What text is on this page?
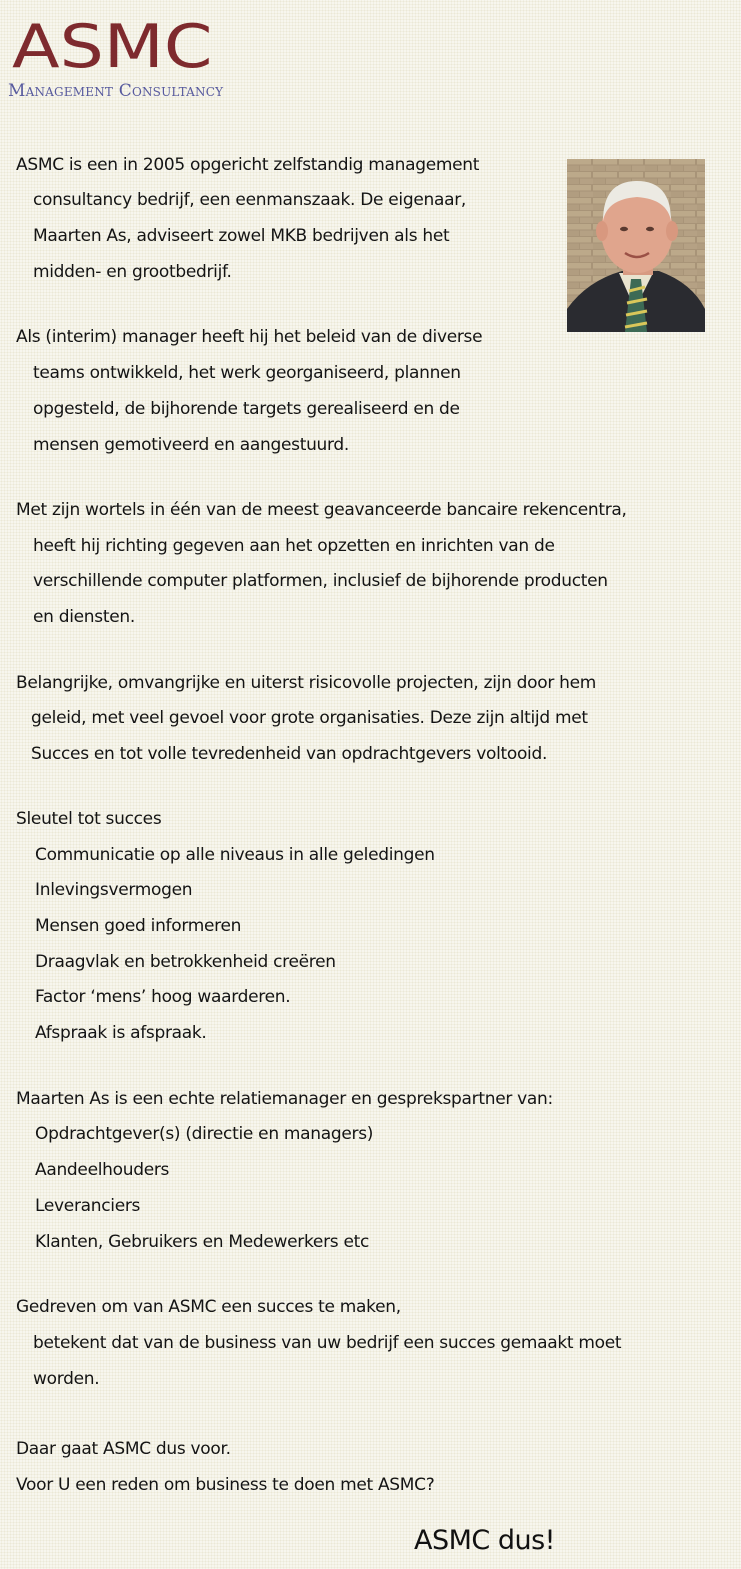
ASMC
Management Consultancy
ASMC is een in 2005 opgericht zelfstandig management
consultancy bedrijf, een eenmanszaak. De eigenaar,
Maarten As, adviseert zowel MKB bedrijven als het
midden- en grootbedrijf.
Als (interim) manager heeft hij het beleid van de diverse
teams ontwikkeld, het werk georganiseerd, plannen
opgesteld, de bijhorende targets gerealiseerd en de
mensen gemotiveerd en aangestuurd.
Met zijn wortels in één van de meest geavanceerde bancaire rekencentra,
heeft hij richting gegeven aan het opzetten en inrichten van de
verschillende computer platformen, inclusief de bijhorende producten
en diensten.
Belangrijke, omvangrijke en uiterst risicovolle projecten, zijn door hem
geleid, met veel gevoel voor grote organisaties. Deze zijn altijd met
Succes en tot volle tevredenheid van opdrachtgevers voltooid.
Sleutel tot succes
Communicatie op alle niveaus in alle geledingen
Inlevingsvermogen
Mensen goed informeren
Draagvlak en betrokkenheid creëren
Factor ‘mens’ hoog waarderen.
Afspraak is afspraak.
Maarten As is een echte relatiemanager en gesprekspartner van:
Opdrachtgever(s) (directie en managers)
Aandeelhouders
Leveranciers
Klanten, Gebruikers en Medewerkers etc
Gedreven om van ASMC een succes te maken,
betekent dat van de business van uw bedrijf een succes gemaakt moet
worden.
Daar gaat ASMC dus voor.
Voor U een reden om business te doen met ASMC?
ASMC dus!
